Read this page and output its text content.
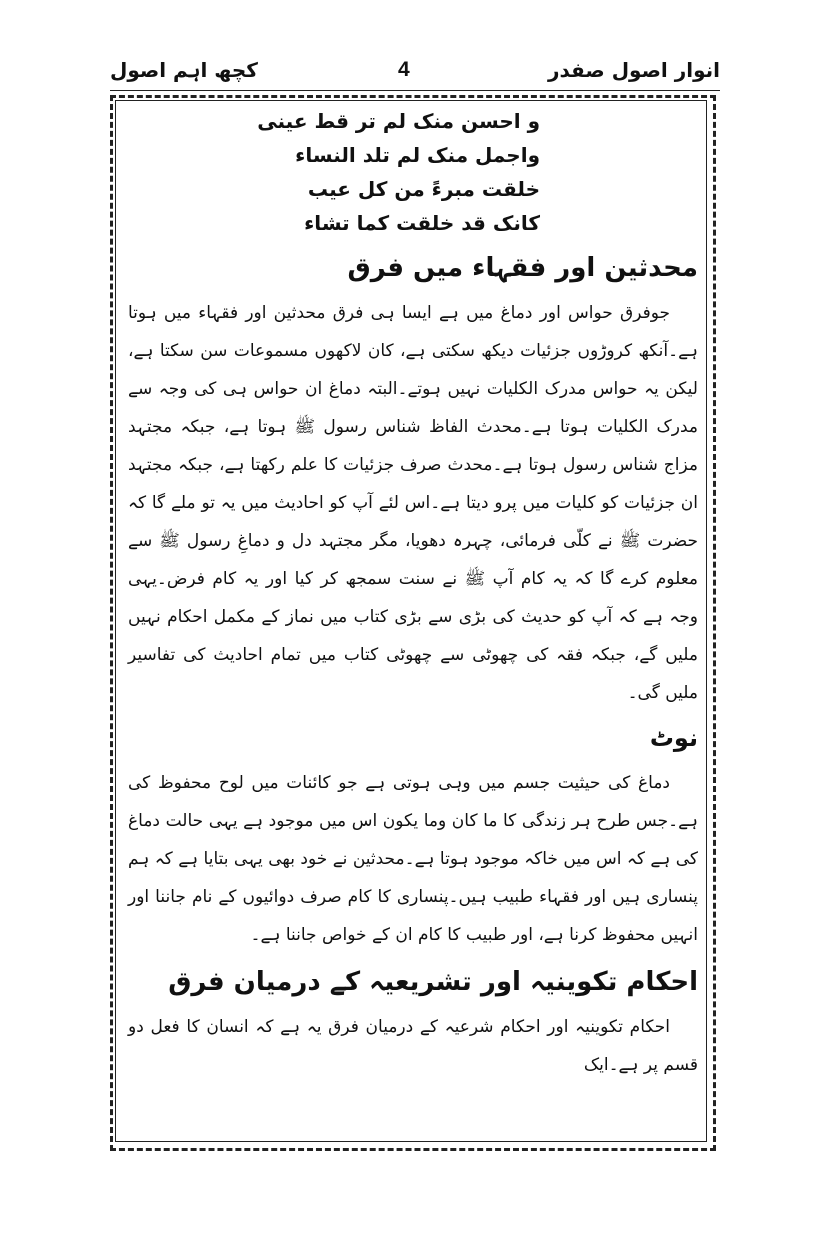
انوار اصول صفدر
4
کچھ اہم اصول
و احسن منک لم تر قط عینی
واجمل منک لم تلد النساء
خلقت مبرءً من کل عیب
کانک قد خلقت کما تشاء
محدثین اور فقہاء میں فرق
جوفرق حواس اور دماغ میں ہے ایسا ہی فرق محدثین اور فقہاء میں ہوتا ہے۔آنکھ کروڑوں جزئیات دیکھ سکتی ہے، کان لاکھوں مسموعات سن سکتا ہے، لیکن یہ حواس مدرک الکلیات نہیں ہوتے۔البتہ دماغ ان حواس ہی کی وجہ سے مدرک الکلیات ہوتا ہے۔محدث الفاظ شناس رسول ﷺ ہوتا ہے، جبکہ مجتہد مزاج شناس رسول ہوتا ہے۔محدث صرف جزئیات کا علم رکھتا ہے، جبکہ مجتہد ان جزئیات کو کلیات میں پرو دیتا ہے۔اس لئے آپ کو احادیث میں یہ تو ملے گا کہ حضرت ﷺ نے کلّی فرمائی، چہرہ دھویا، مگر مجتہد دل و دماغِ رسول ﷺ سے معلوم کرے گا کہ یہ کام آپ ﷺ نے سنت سمجھ کر کیا اور یہ کام فرض۔یہی وجہ ہے کہ آپ کو حدیث کی بڑی سے بڑی کتاب میں نماز کے مکمل احکام نہیں ملیں گے، جبکہ فقہ کی چھوٹی سے چھوٹی کتاب میں تمام احادیث کی تفاسیر ملیں گی۔
نوٹ
دماغ کی حیثیت جسم میں وہی ہوتی ہے جو کائنات میں لوح محفوظ کی ہے۔جس طرح ہر زندگی کا ما کان وما یکون اس میں موجود ہے یہی حالت دماغ کی ہے کہ اس میں خاکہ موجود ہوتا ہے۔محدثین نے خود بھی یہی بتایا ہے کہ ہم پنساری ہیں اور فقہاء طبیب ہیں۔پنساری کا کام صرف دوائیوں کے نام جاننا اور انہیں محفوظ کرنا ہے، اور طبیب کا کام ان کے خواص جاننا ہے۔
احکام تکوینیہ اور تشریعیہ کے درمیان فرق
احکام تکوینیہ اور احکام شرعیہ کے درمیان فرق یہ ہے کہ انسان کا فعل دو قسم پر ہے۔ایک
